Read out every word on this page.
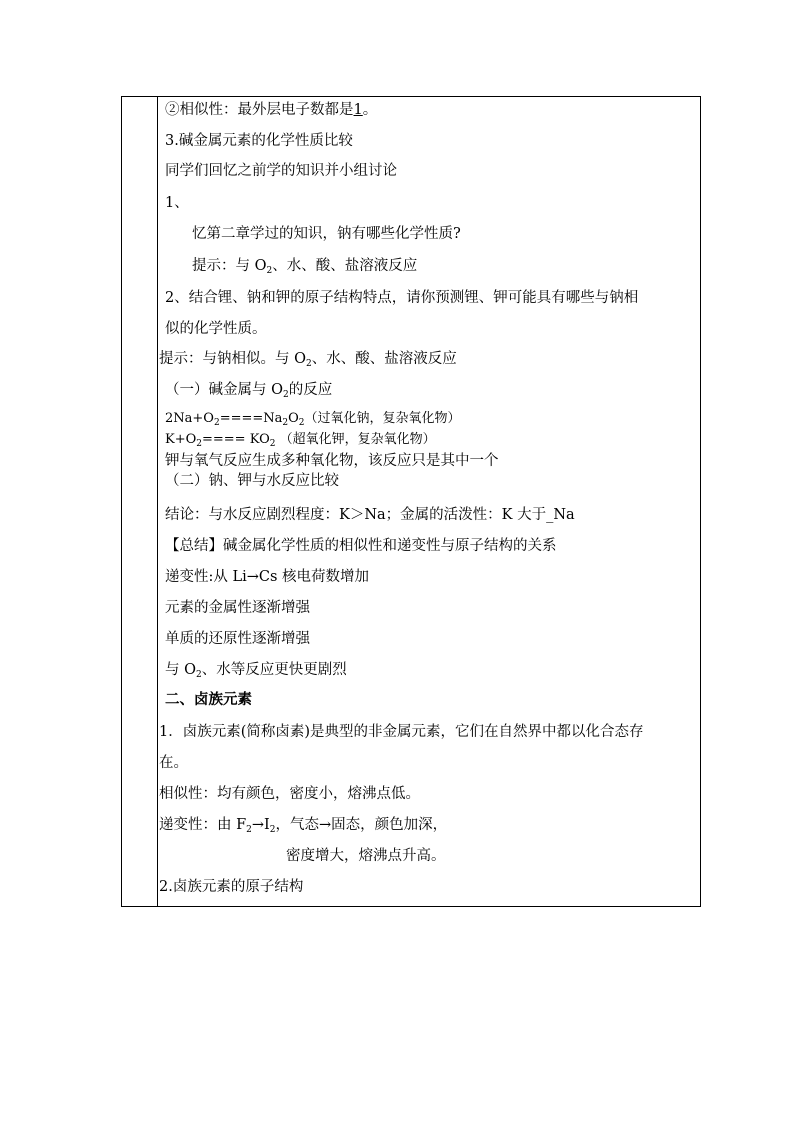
②相似性：最外层电子数都是1。
3.碱金属元素的化学性质比较
同学们回忆之前学的知识并小组讨论
1、
忆第二章学过的知识，钠有哪些化学性质?
提示：与 $O_2$、水、酸、盐溶液反应
2、结合锂、钠和钾的原子结构特点，请你预测锂、钾可能具有哪些与钠相
似的化学性质。
提示：与钠相似。与 $O_2$、水、酸、盐溶液反应
（一）碱金属与 $O_2$的反应
$2Na+O_2====Na_2O_2$（过氧化钠，复杂氧化物）
$K+O_2==== KO_2$ （超氧化钾，复杂氧化物）
钾与氧气反应生成多种氧化物，该反应只是其中一个
（二）钠、钾与水反应比较
结论：与水反应剧烈程度：K＞Na；金属的活泼性：K 大于_Na
【总结】碱金属化学性质的相似性和递变性与原子结构的关系
递变性:从 Li→Cs 核电荷数增加
元素的金属性逐渐增强
单质的还原性逐渐增强
与 $O_2$、水等反应更快更剧烈
二、卤族元素
1．卤族元素(简称卤素)是典型的非金属元素，它们在自然界中都以化合态存
在。
相似性：均有颜色，密度小，熔沸点低。
递变性：由 $F_2\to I_2$，气态→固态，颜色加深，
密度增大，熔沸点升高。
2.卤族元素的原子结构
